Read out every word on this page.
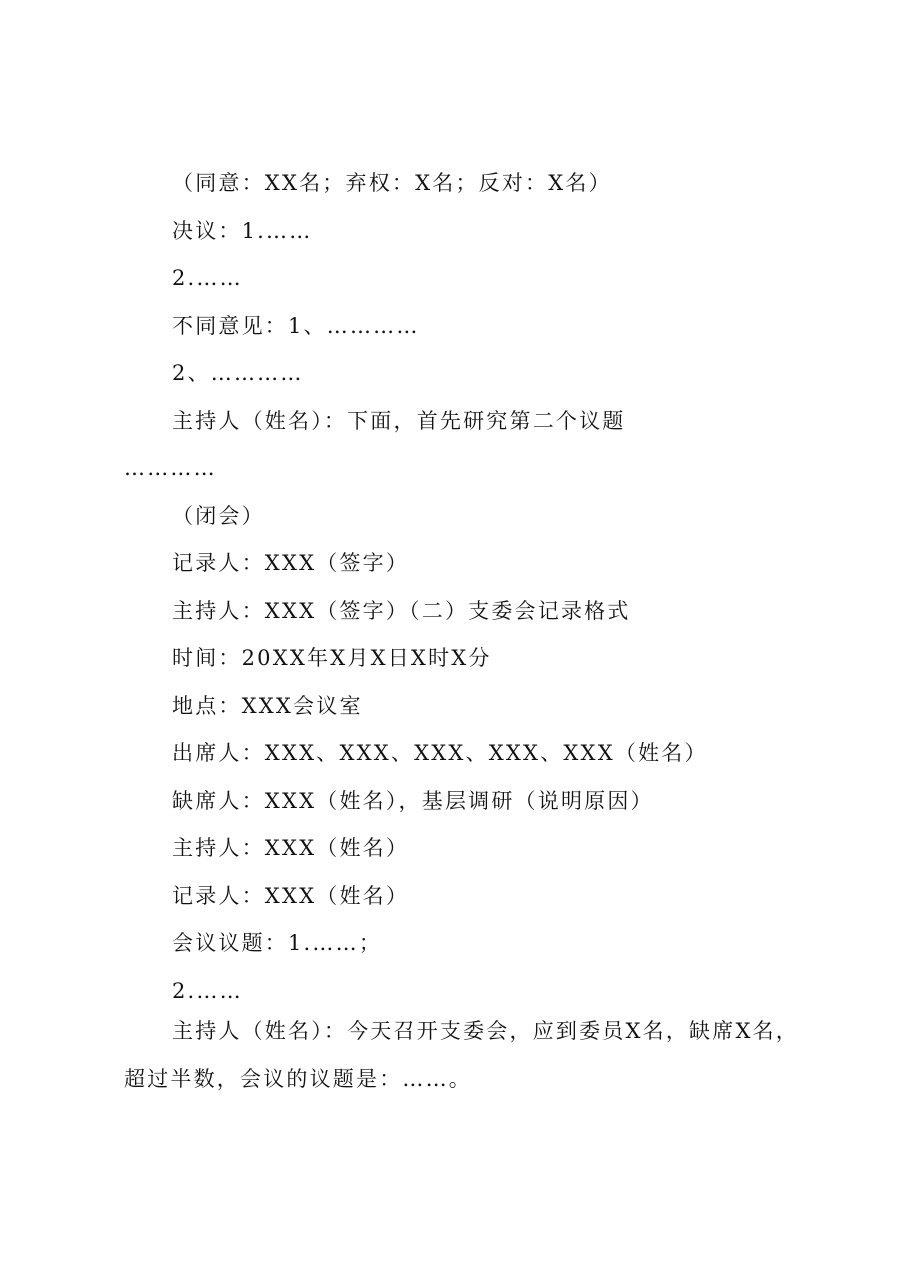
（同意：XX名；弃权：X名；反对：X名）
决议：1.……
2.……
不同意见：1、…………
2、…………
主持人（姓名）：下面，首先研究第二个议题
…………
（闭会）
记录人：XXX（签字）
主持人：XXX（签字）（二）支委会记录格式
时间：20XX年X月X日X时X分
地点：XXX会议室
出席人：XXX、XXX、XXX、XXX、XXX（姓名）
缺席人：XXX（姓名），基层调研（说明原因）
主持人：XXX（姓名）
记录人：XXX（姓名）
会议议题：1.……；
2.……

主持人（姓名）：今天召开支委会，应到委员X名，缺席X名，超过半数，会议的议题是：……。
